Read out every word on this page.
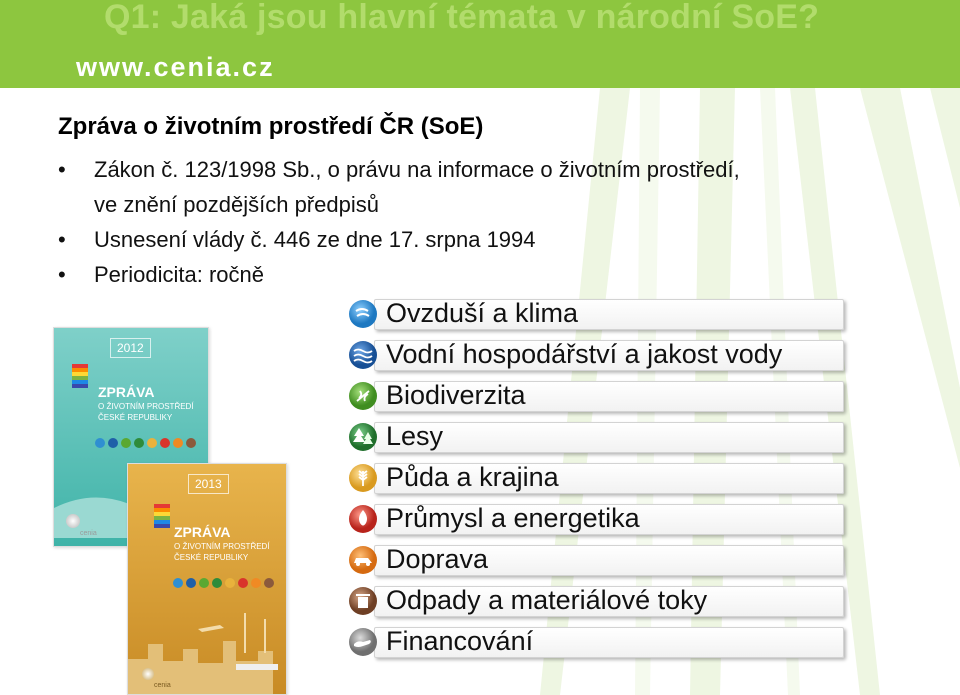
Q1: Jaká jsou hlavní témata v národní SoE?
www.cenia.cz
Zpráva o životním prostředí ČR (SoE)
• Zákon č. 123/1998 Sb., o právu na informace o životním prostředí,
ve znění pozdějších předpisů
• Usnesení vlády č. 446 ze dne 17. srpna 1994
• Periodicita: ročně
2012
ZPRÁVA
O ŽIVOTNÍM PROSTŘEDÍ
ČESKÉ REPUBLIKY
cenia
2013
ZPRÁVA
O ŽIVOTNÍM PROSTŘEDÍ
ČESKÉ REPUBLIKY
cenia
Ovzduší a klima
Vodní hospodářství a jakost vody
Biodiverzita
Lesy
Půda a krajina
Průmysl a energetika
Doprava
Odpady a materiálové toky
Financování
